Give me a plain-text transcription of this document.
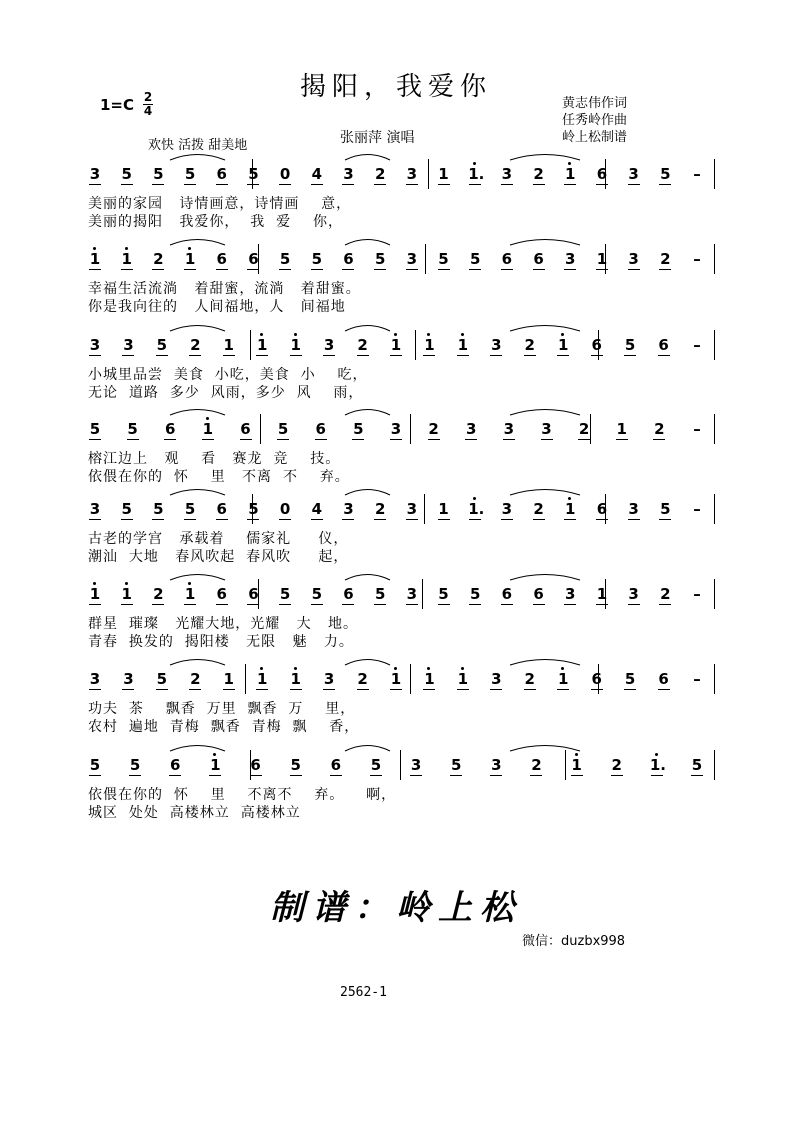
揭阳，我爱你
1=C 2
4
欢快 活拨 甜美地	张丽萍 演唱
黄志伟作词
任秀岭作曲
岭上松制谱
3 5 5 5 6 5 0 4 3 2 3 1 1. 3 2 1 6 3 5 –
美丽的家园   诗情画意，诗情画    意，
美丽的揭阳   我爱你，  我  爱    你，
1 1 2 1 6 6 5 5 6 5 3 5 5 6 6 3 1 3 2 –
幸福生活流淌   着甜蜜，流淌   着甜蜜。
你是我向往的   人间福地，人   间福地
3 3 5 2 1 1 1 3 2 1 1 1 3 2 1 6 5 6 –
小城里品尝  美食  小吃，美食  小    吃，
无论  道路  多少  风雨，多少  风    雨，
5 5 6 1 6 5 6 5 3 2 3 3 3 2 1 2 –
榕江边上   观    看   赛龙  竞    技。
依偎在你的  怀    里   不离  不    弃。
3 5 5 5 6 5 0 4 3 2 3 1 1. 3 2 1 6 3 5 –
古老的学宫   承载着    儒家礼     仪，
潮汕  大地   春风吹起  春风吹     起，
1 1 2 1 6 6 5 5 6 5 3 5 5 6 6 3 1 3 2 –
群星  璀璨   光耀大地，光耀   大   地。
青春  换发的  揭阳楼   无限   魅   力。
3 3 5 2 1 1 1 3 2 1 1 1 3 2 1 6 5 6 –
功夫  茶    飘香  万里  飘香  万    里，
农村  遍地  青梅  飘香  青梅  飘    香，
5 5 6 1 6 5 6 5 3 5 3 2 1 2 1. 5
依偎在你的  怀    里    不离不    弃。    啊，
城区  处处  高楼林立  高楼林立
制谱：岭上松
微信：duzbx998
2562-1
